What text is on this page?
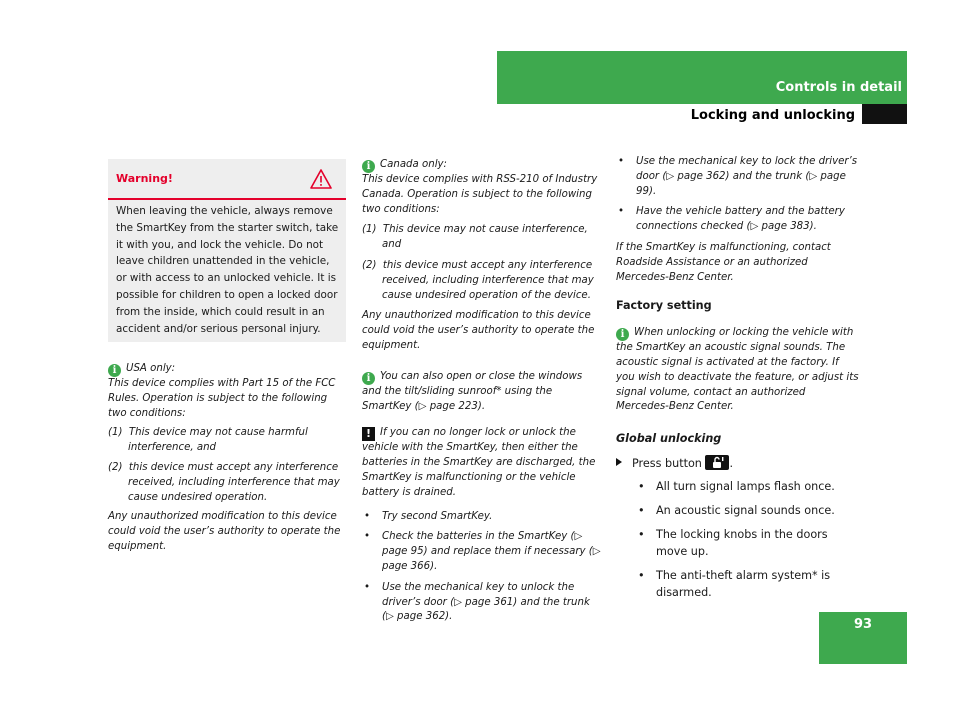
Controls in detail
Locking and unlocking
Warning!
When leaving the vehicle, always remove the SmartKey from the starter switch, take it with you, and lock the vehicle. Do not leave children unattended in the vehicle, or with access to an unlocked vehicle. It is possible for children to open a locked door from the inside, which could result in an accident and/or serious personal injury.

i USA only:

This device complies with Part 15 of the FCC Rules. Operation is subject to the following two conditions:

(1) This device may not cause harmful interference, and

(2) this device must accept any interference received, including interference that may cause undesired operation.

Any unauthorized modification to this device could void the user’s authority to operate the equipment.

i Canada only:

This device complies with RSS-210 of Industry Canada. Operation is subject to the following two conditions:

(1) This device may not cause interference, and

(2) this device must accept any interference received, including interference that may cause undesired operation of the device.

Any unauthorized modification to this device could void the user’s authority to operate the equipment.

i You can also open or close the windows and the tilt/sliding sunroof* using the SmartKey (▷ page 223).

! If you can no longer lock or unlock the vehicle with the SmartKey, then either the batteries in the SmartKey are discharged, the SmartKey is malfunctioning or the vehicle battery is drained.

• Try second SmartKey.

• Check the batteries in the SmartKey (▷ page 95) and replace them if necessary (▷ page 366).

• Use the mechanical key to unlock the driver’s door (▷ page 361) and the trunk (▷ page 362).

• Use the mechanical key to lock the driver’s door (▷ page 362) and the trunk (▷ page 99).

• Have the vehicle battery and the battery connections checked (▷ page 383).

If the SmartKey is malfunctioning, contact Roadside Assistance or an authorized Mercedes-Benz Center.

Factory setting

i When unlocking or locking the vehicle with the SmartKey an acoustic signal sounds. The acoustic signal is activated at the factory. If you wish to deactivate the feature, or adjust its signal volume, contact an authorized Mercedes-Benz Center.

Global unlocking

Press button .

• All turn signal lamps flash once.

• An acoustic signal sounds once.

• The locking knobs in the doors move up.

• The anti-theft alarm system* is disarmed.

93
